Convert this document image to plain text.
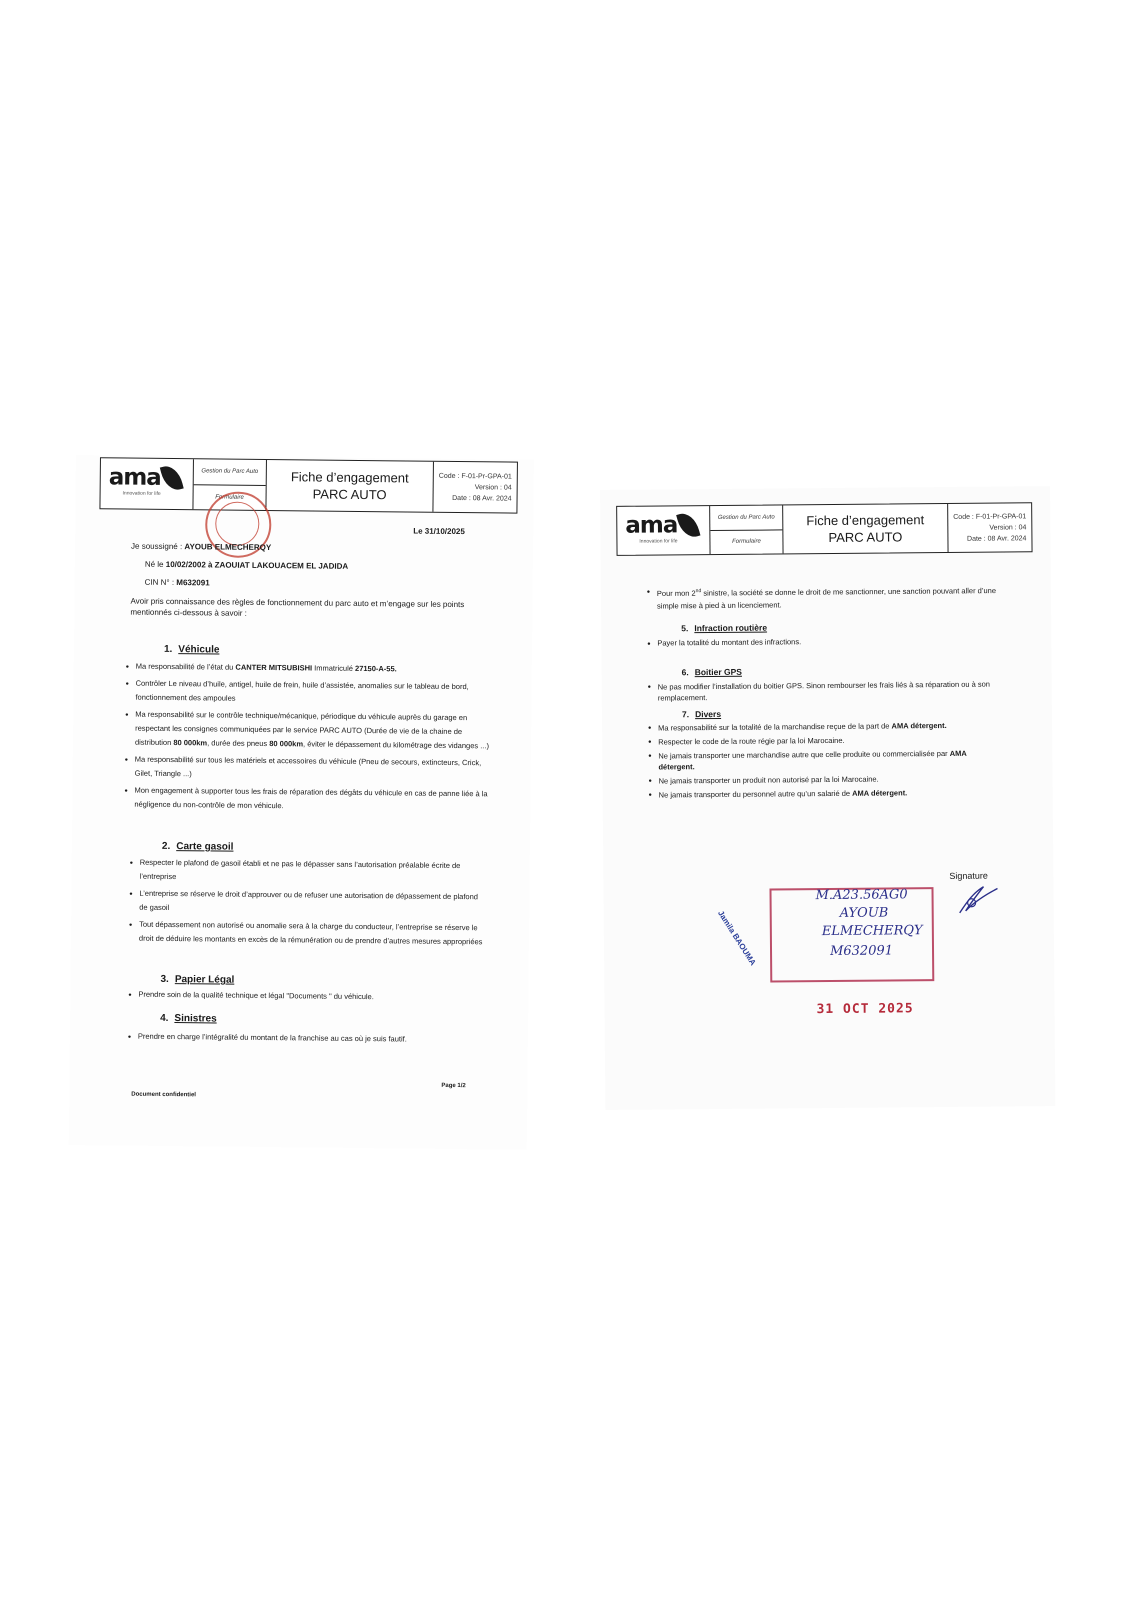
ama
Innovation for life
Gestion du Parc Auto
Formulaire
Fiche d’engagement
PARC AUTO
Code : F-01-Pr-GPA-01
Version : 04
Date : 08 Avr. 2024
Le 31/10/2025
Je soussigné : AYOUB ELMECHERQY
Né le 10/02/2002 à ZAOUIAT LAKOUACEM EL JADIDA
CIN N° : M632091
Avoir pris connaissance des règles de fonctionnement du parc auto et m’engage sur les points mentionnés ci-dessous à savoir :
1. Véhicule
• Ma responsabilité de l’état du CANTER MITSUBISHI Immatriculé 27150-A-55.
• Contrôler Le niveau d’huile, antigel, huile de frein, huile d’assistée, anomalies sur le tableau de bord, fonctionnement des ampoules
• Ma responsabilité sur le contrôle technique/mécanique, périodique du véhicule auprès du garage en respectant les consignes communiquées par le service PARC AUTO (Durée de vie de la chaine de distribution 80 000km, durée des pneus 80 000km, éviter le dépassement du kilométrage des vidanges ...)
• Ma responsabilité sur tous les matériels et accessoires du véhicule (Pneu de secours, extincteurs, Crick, Gilet, Triangle ...)
• Mon engagement à supporter tous les frais de réparation des dégâts du véhicule en cas de panne liée à la négligence du non-contrôle de mon véhicule.
2. Carte gasoil
• Respecter le plafond de gasoil établi et ne pas le dépasser sans l’autorisation préalable écrite de l’entreprise
• L’entreprise se réserve le droit d’approuver ou de refuser une autorisation de dépassement de plafond de gasoil
• Tout dépassement non autorisé ou anomalie sera à la charge du conducteur, l’entreprise se réserve le droit de déduire les montants en excès de la rémunération ou de prendre d’autres mesures appropriées
3. Papier Légal
• Prendre soin de la qualité technique et légal "Documents " du véhicule.
4. Sinistres
• Prendre en charge l’intégralité du montant de la franchise au cas où je suis fautif.
Document confidentiel
Page 1/2
ama
Innovation for life
Gestion du Parc Auto
Formulaire
Fiche d’engagement
PARC AUTO
Code : F-01-Pr-GPA-01
Version : 04
Date : 08 Avr. 2024
• Pour mon 2nd sinistre, la société se donne le droit de me sanctionner, une sanction pouvant aller d’une simple mise à pied à un licenciement.
5. Infraction routière
• Payer la totalité du montant des infractions.
6. Boitier GPS
• Ne pas modifier l’installation du boitier GPS. Sinon rembourser les frais liés à sa réparation ou à son remplacement.
7. Divers
• Ma responsabilité sur la totalité de la marchandise reçue de la part de AMA détergent.
• Respecter le code de la route régie par la loi Marocaine.
• Ne jamais transporter une marchandise autre que celle produite ou commercialisée par AMA détergent.
• Ne jamais transporter un produit non autorisé par la loi Marocaine.
• Ne jamais transporter du personnel autre qu’un salarié de AMA détergent.
Signature
Jamila BAOUMA
M.A23.56AG0
AYOUB
ELMECHERQY
M632091
31 OCT 2025
